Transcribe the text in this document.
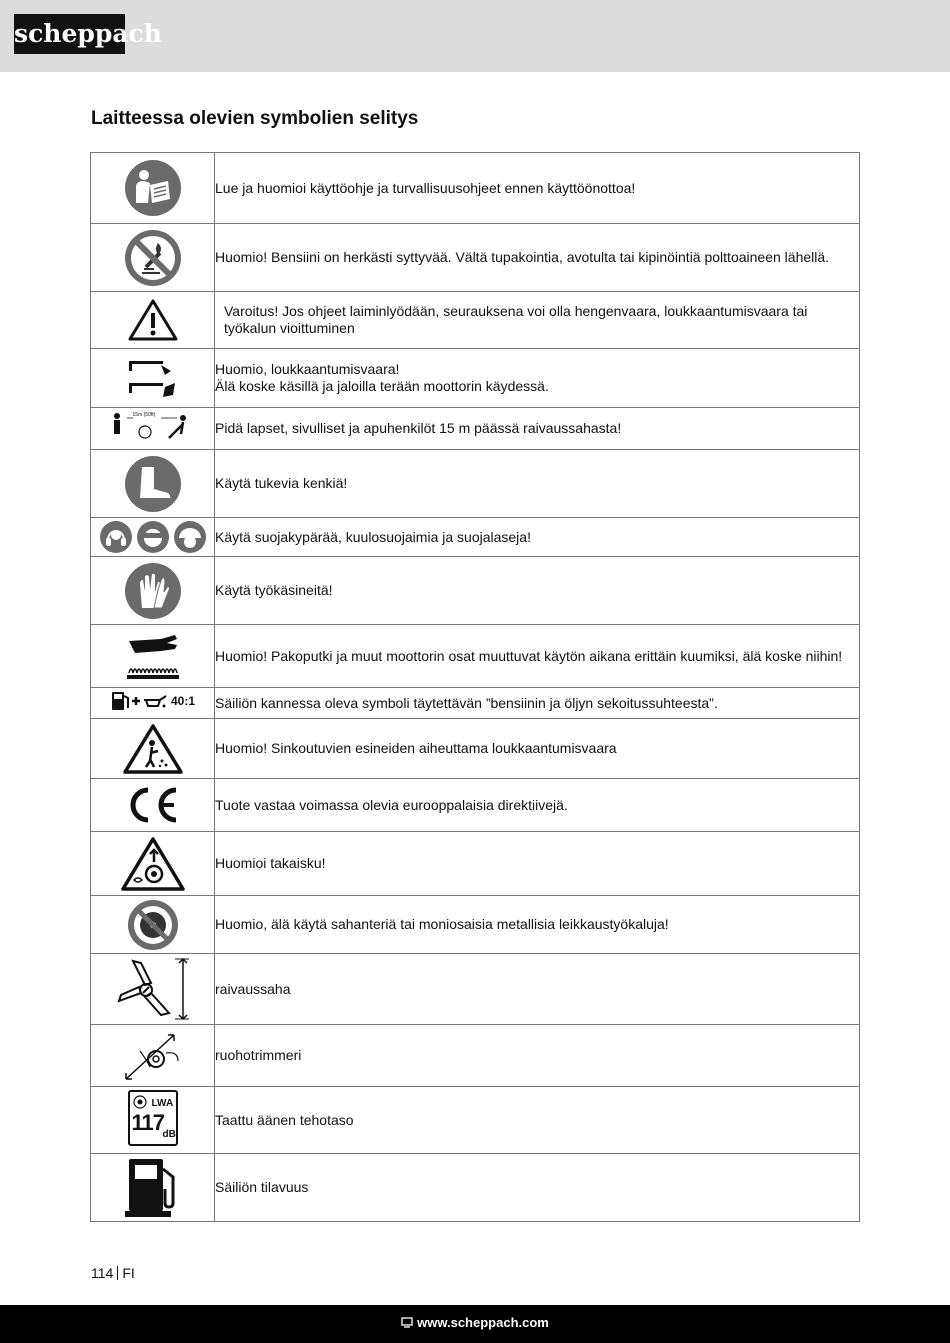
scheppach
Laitteessa olevien symbolien selitys
	Lue ja huomioi käyttöohje ja turvallisuusohjeet ennen käyttöönottoa!

	Huomio! Bensiini on herkästi syttyvää. Vältä tupakointia, avotulta tai kipinöintiä polttoaineen lähellä.

	Varoitus! Jos ohjeet laiminlyödään, seurauksena voi olla hengenvaara, loukkaantumisvaara tai työkalun vioittuminen

	Huomio, loukkaantumisvaara!
Älä koske käsillä ja jaloilla terään moottorin käydessä.

15m (50ft)	Pidä lapset, sivulliset ja apuhenkilöt 15 m päässä raivaussahasta!

	Käytä tukevia kenkiä!

	Käytä suojakypärää, kuulosuojaimia ja suojalaseja!

	Käytä työkäsineitä!

	Huomio! Pakoputki ja muut moottorin osat muuttuvat käytön aikana erittäin kuumiksi, älä koske niihin!

40:1	Säiliön kannessa oleva symboli täytettävän ”bensiinin ja öljyn sekoitussuhteesta”.

	Huomio! Sinkoutuvien esineiden aiheuttama loukkaantumisvaara

	Tuote vastaa voimassa olevia eurooppalaisia direktiivejä.

	Huomioi takaisku!

	Huomio, älä käytä sahanteriä tai moniosaisia metallisia leikkaustyökaluja!

	raivaussaha

	ruohotrimmeri

LWA
117
dB	Taattu äänen tehotaso

	Säiliön tilavuus
114 FI
www.scheppach.com
